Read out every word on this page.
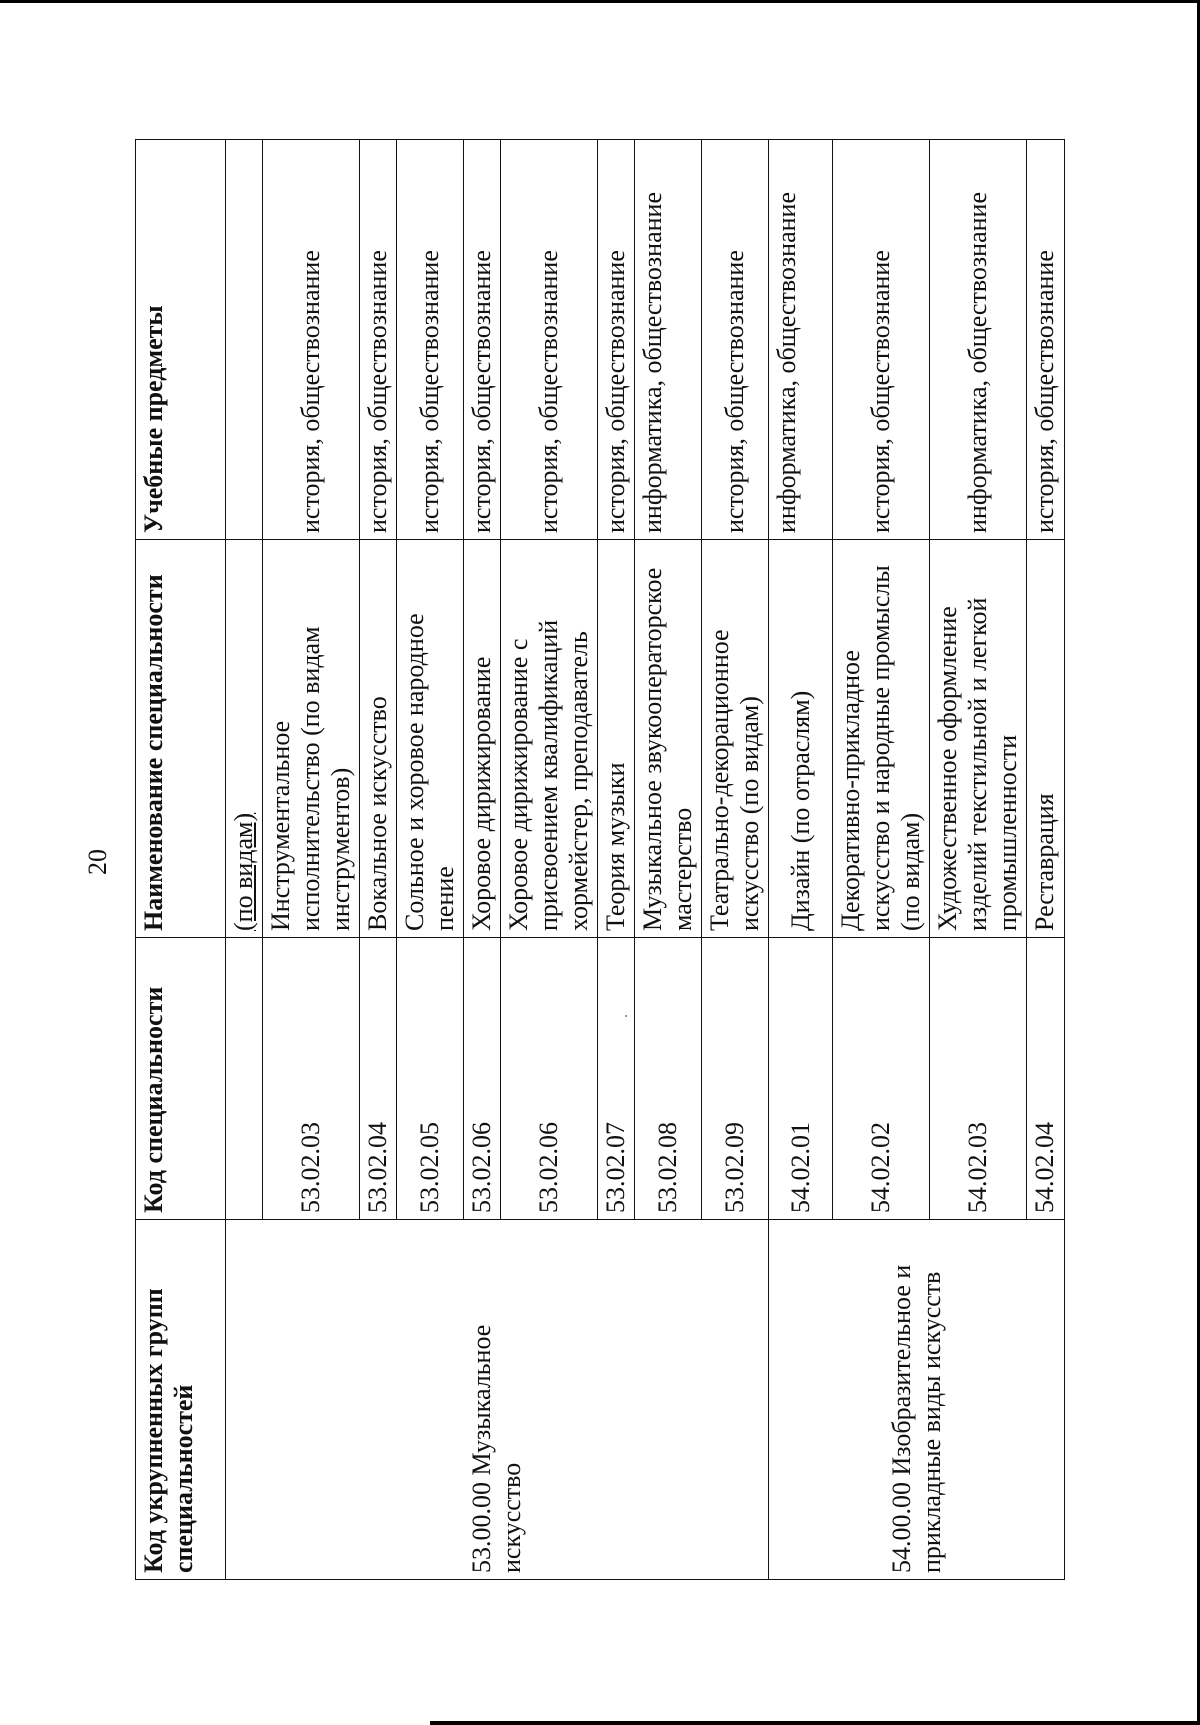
20
Код укрупненных групп специальностей	Код специальности	Наименование специальности	Учебные предметы
53.00.00 Музыкальное искусство		(по видам)	
	53.02.03	Инструментальное исполнительство (по видам инструментов)	история, обществознание
	53.02.04	Вокальное искусство	история, обществознание
	53.02.05	Сольное и хоровое народное пение	история, обществознание
	53.02.06	Хоровое дирижирование	история, обществознание
	53.02.06	Хоровое дирижирование с присвоением квалификаций хормейстер, преподаватель	история, обществознание
	53.02.07	Теория музыки	история, обществознание
	53.02.08	Музыкальное звукооператорское мастерство	информатика, обществознание
	53.02.09	Театрально-декорационное искусство (по видам)	история, обществознание
54.00.00 Изобразительное и прикладные виды искусств	54.02.01	Дизайн (по отраслям)	информатика, обществознание
	54.02.02	Декоративно-прикладное искусство и народные промыслы (по видам)	история, обществознание
	54.02.03	Художественное оформление изделий текстильной и легкой промышленности	информатика, обществознание
	54.02.04	Реставрация	история, обществознание
